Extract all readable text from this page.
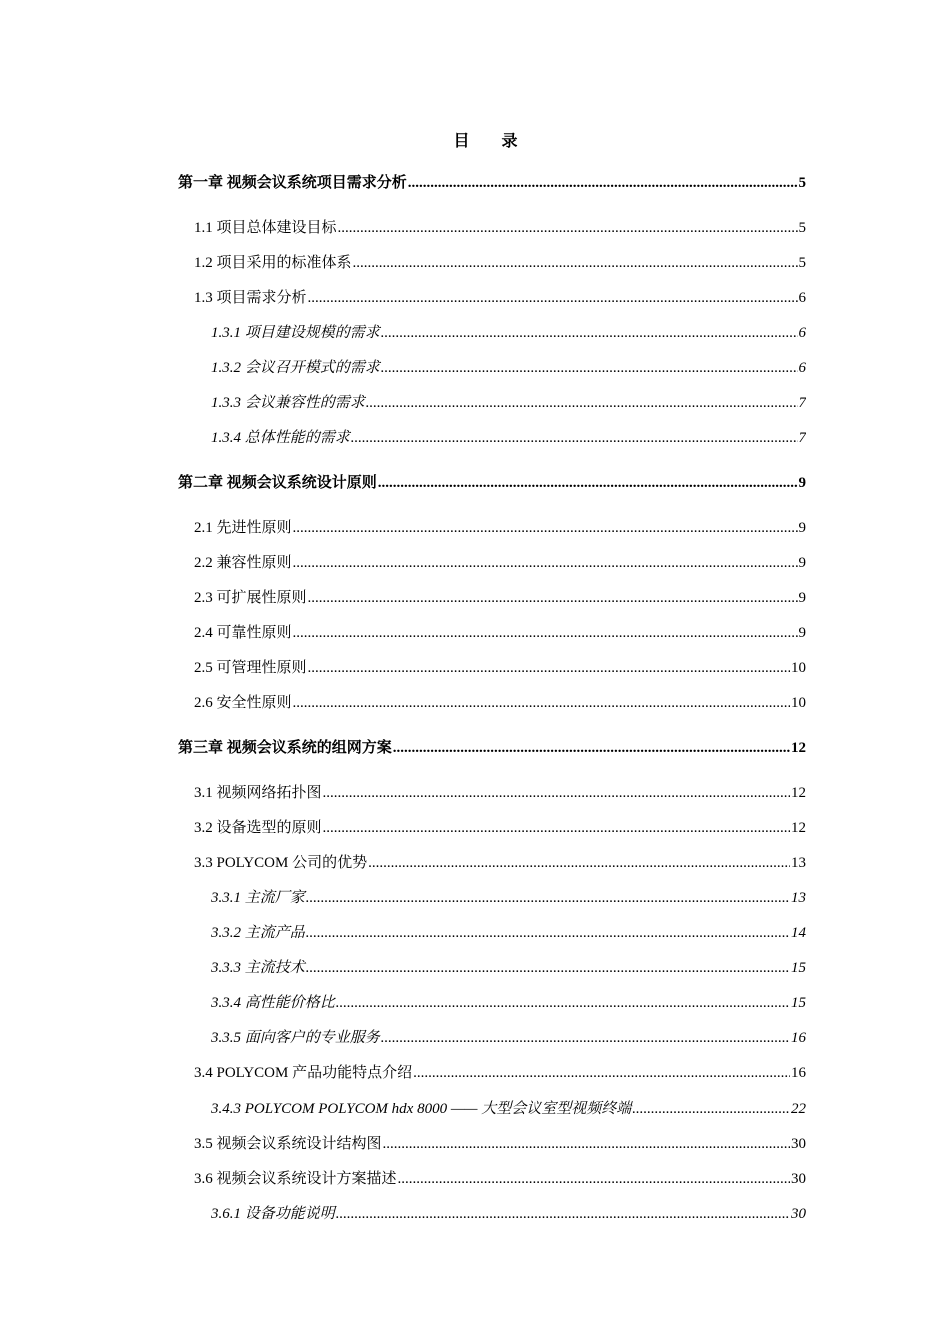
目 录
第一章 视频会议系统项目需求分析 .....	5
1.1 项目总体建设目标 .....	5
1.2 项目采用的标准体系 .....	5
1.3 项目需求分析 .....	6
1.3.1 项目建设规模的需求 .....	6
1.3.2 会议召开模式的需求 .....	6
1.3.3 会议兼容性的需求 .....	7
1.3.4 总体性能的需求 .....	7
第二章 视频会议系统设计原则 .....	9
2.1 先进性原则 .....	9
2.2 兼容性原则 .....	9
2.3 可扩展性原则 .....	9
2.4 可靠性原则 .....	9
2.5 可管理性原则 .....	10
2.6 安全性原则 .....	10
第三章 视频会议系统的组网方案 .....	12
3.1 视频网络拓扑图 .....	12
3.2 设备选型的原则 .....	12
3.3 POLYCOM 公司的优势 .....	13
3.3.1 主流厂家 .....	13
3.3.2 主流产品 .....	14
3.3.3 主流技术 .....	15
3.3.4 高性能价格比 .....	15
3.3.5 面向客户的专业服务 .....	16
3.4 POLYCOM 产品功能特点介绍 .....	16
3.4.3 POLYCOM POLYCOM hdx 8000 —— 大型会议室型视频终端 .....	22
3.5 视频会议系统设计结构图 .....	30
3.6 视频会议系统设计方案描述 .....	30
3.6.1 设备功能说明 .....	30
